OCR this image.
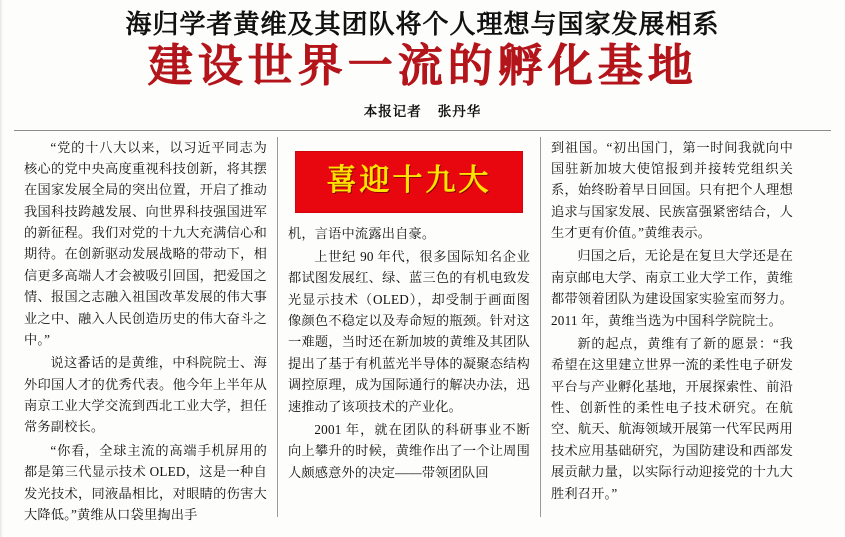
海归学者黄维及其团队将个人理想与国家发展相系
建设世界一流的孵化基地
本报记者 张丹华

“党的十八大以来，以习近平同志为核心的党中央高度重视科技创新，将其摆在国家发展全局的突出位置，开启了推动我国科技跨越发展、向世界科技强国进军的新征程。我们对党的十九大充满信心和期待。在创新驱动发展战略的带动下，相信更多高端人才会被吸引回国，把爱国之情、报国之志融入祖国改革发展的伟大事业之中、融入人民创造历史的伟大奋斗之中。”

说这番话的是黄维，中科院院士、海外印国人才的优秀代表。他今年上半年从南京工业大学交流到西北工业大学，担任常务副校长。

“你看，全球主流的高端手机屏用的都是第三代显示技术 OLED，这是一种自发光技术，同液晶相比，对眼睛的伤害大大降低。”黄维从口袋里掏出手

喜迎十九大

机，言语中流露出自豪。

上世纪 90 年代，很多国际知名企业都试图发展红、绿、蓝三色的有机电致发光显示技术（OLED），却受制于画面图像颜色不稳定以及寿命短的瓶颈。针对这一难题，当时还在新加坡的黄维及其团队提出了基于有机蓝光半导体的凝聚态结构调控原理，成为国际通行的解决办法，迅速推动了该项技术的产业化。

2001 年，就在团队的科研事业不断向上攀升的时候，黄维作出了一个让周围人颇感意外的决定——带领团队回

到祖国。“初出国门，第一时间我就向中国驻新加坡大使馆报到并接转党组织关系，始终盼着早日回国。只有把个人理想追求与国家发展、民族富强紧密结合，人生才更有价值。”黄维表示。

归国之后，无论是在复旦大学还是在南京邮电大学、南京工业大学工作，黄维都带领着团队为建设国家实验室而努力。2011 年，黄维当选为中国科学院院士。

新的起点，黄维有了新的愿景：“我希望在这里建立世界一流的柔性电子研发平台与产业孵化基地，开展探索性、前沿性、创新性的柔性电子技术研究。在航空、航天、航海领域开展第一代军民两用技术应用基础研究，为国防建设和西部发展贡献力量，以实际行动迎接党的十九大胜利召开。”
